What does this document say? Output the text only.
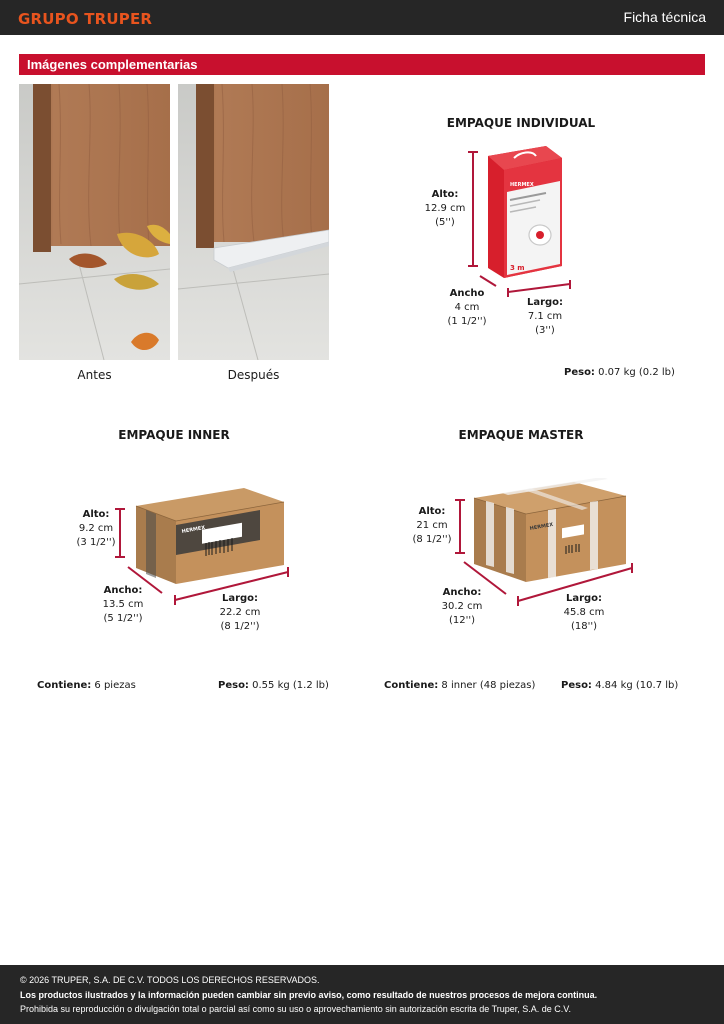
GRUPO TRUPER	Ficha técnica
Imágenes complementarias
Antes	Después
EMPAQUE INDIVIDUAL
HERMEX
3 m
Alto:
12.9 cm
(5'')
Ancho
4 cm
(1 1/2'')
Largo:
7.1 cm
(3'')
Peso: 0.07 kg (0.2 lb)
EMPAQUE INNER
HERMEX
Alto:
9.2 cm
(3 1/2'')
Ancho:
13.5 cm
(5 1/2'')
Largo:
22.2 cm
(8 1/2'')
Contiene: 6 piezas	Peso: 0.55 kg (1.2 lb)
EMPAQUE MASTER
HERMEX
Alto:
21 cm
(8 1/2'')
Ancho:
30.2 cm
(12'')
Largo:
45.8 cm
(18'')
Contiene: 8 inner (48 piezas)	Peso: 4.84 kg (10.7 lb)
© 2026 TRUPER, S.A. DE C.V. TODOS LOS DERECHOS RESERVADOS.
Los productos ilustrados y la información pueden cambiar sin previo aviso, como resultado de nuestros procesos de mejora continua.
Prohibida su reproducción o divulgación total o parcial así como su uso o aprovechamiento sin autorización escrita de Truper, S.A. de C.V.
